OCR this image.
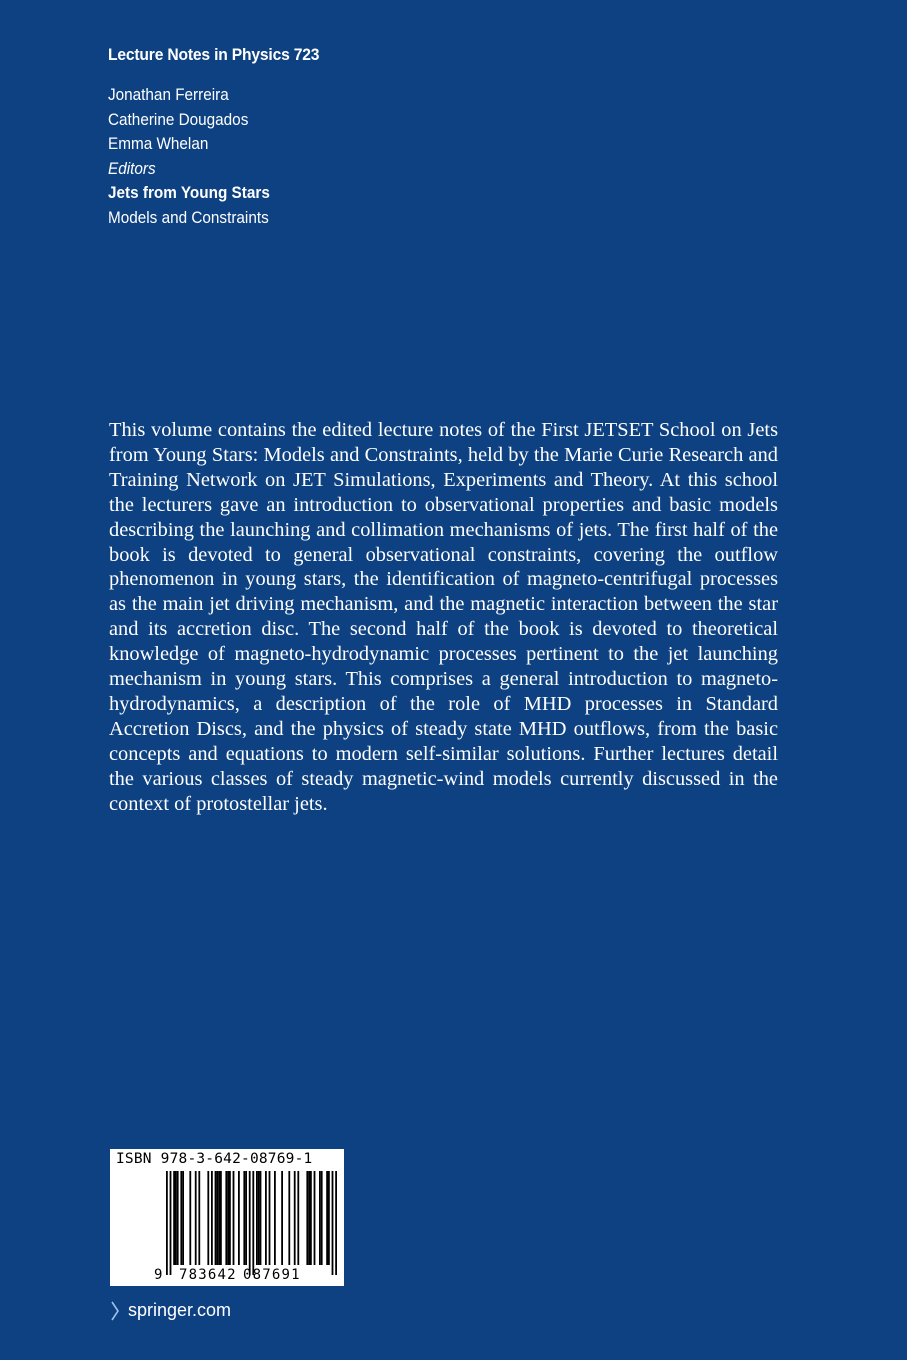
Lecture Notes in Physics 723
Jonathan Ferreira
Catherine Dougados
Emma Whelan
Editors
Jets from Young Stars
Models and Constraints
This volume contains the edited lecture notes of the First JETSET School on Jets from Young Stars: Models and Constraints, held by the Marie Curie Research and Training Network on JET Simulations, Experiments and Theory. At this school the lecturers gave an introduction to observational properties and basic models describing the launching and collimation mechanisms of jets. The first half of the book is devoted to general observational constraints, covering the outflow phenomenon in young stars, the identification of magneto-centrifugal processes as the main jet driving mechanism, and the magnetic interaction between the star and its accretion disc. The second half of the book is devoted to theoretical knowledge of magneto-hydrodynamic processes pertinent to the jet launching mechanism in young stars. This comprises a general introduction to magneto-hydrodynamics, a description of the role of MHD processes in Standard Accretion Discs, and the physics of steady state MHD outflows, from the basic concepts and equations to modern self-similar solutions. Further lectures detail the various classes of steady magnetic-wind models currently discussed in the context of protostellar jets.
ISBN 978-3-642-08769-1
9 783642 087691
springer.com
